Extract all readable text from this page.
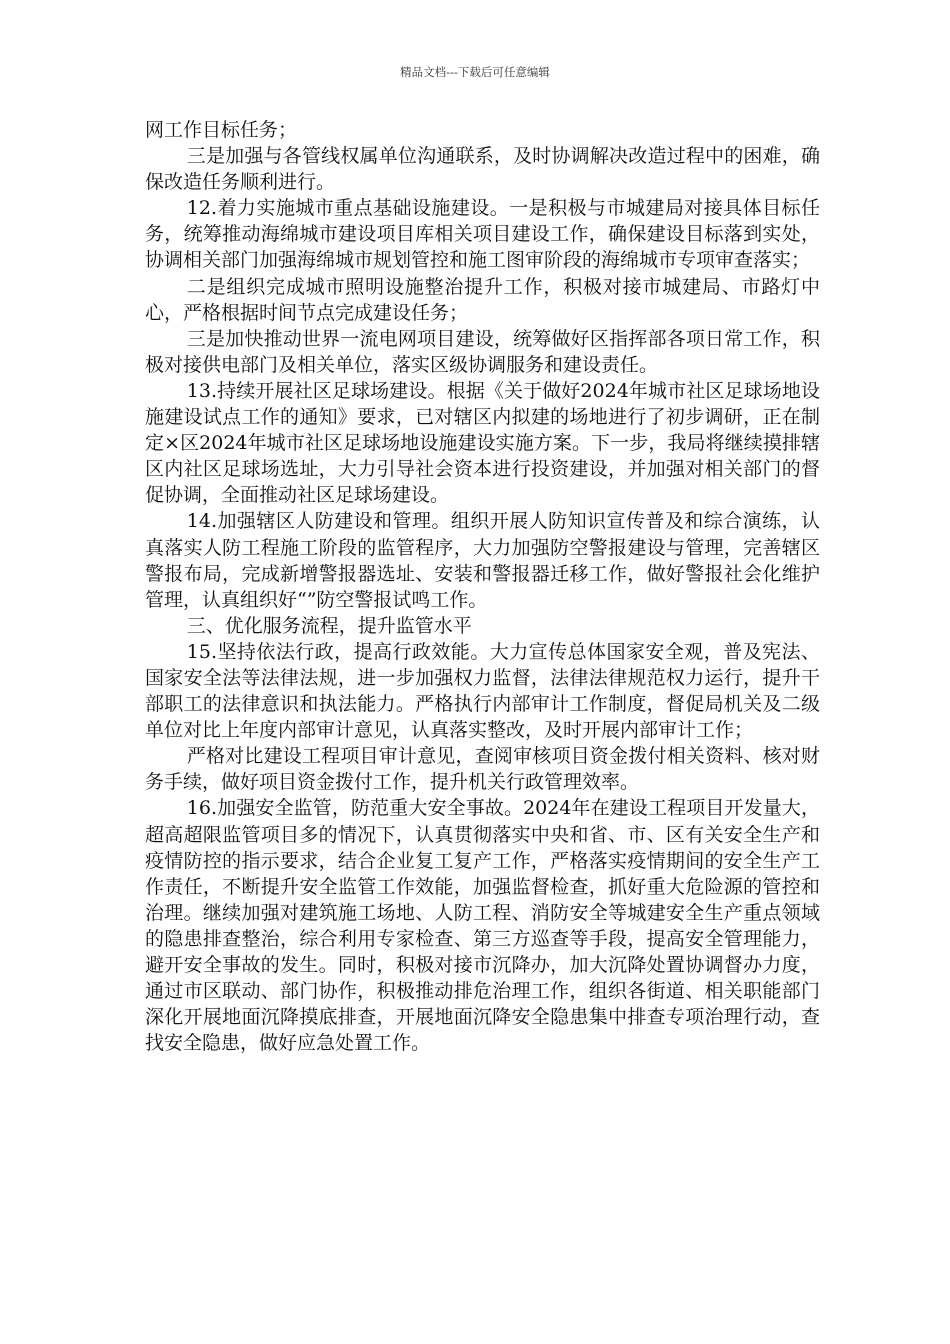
精品文档---下载后可任意编辑

网工作目标任务；

三是加强与各管线权属单位沟通联系，及时协调解决改造过程中的困难，确保改造任务顺利进行。

12.着力实施城市重点基础设施建设。一是积极与市城建局对接具体目标任务，统筹推动海绵城市建设项目库相关项目建设工作，确保建设目标落到实处，协调相关部门加强海绵城市规划管控和施工图审阶段的海绵城市专项审查落实；

二是组织完成城市照明设施整治提升工作，积极对接市城建局、市路灯中心，严格根据时间节点完成建设任务；

三是加快推动世界一流电网项目建设，统筹做好区指挥部各项日常工作，积极对接供电部门及相关单位，落实区级协调服务和建设责任。

13.持续开展社区足球场建设。根据《关于做好2024年城市社区足球场地设施建设试点工作的通知》要求，已对辖区内拟建的场地进行了初步调研，正在制定×区2024年城市社区足球场地设施建设实施方案。下一步，我局将继续摸排辖区内社区足球场选址，大力引导社会资本进行投资建设，并加强对相关部门的督促协调，全面推动社区足球场建设。

14.加强辖区人防建设和管理。组织开展人防知识宣传普及和综合演练，认真落实人防工程施工阶段的监管程序，大力加强防空警报建设与管理，完善辖区警报布局，完成新增警报器选址、安装和警报器迁移工作，做好警报社会化维护管理，认真组织好“”防空警报试鸣工作。

三、优化服务流程，提升监管水平

15.坚持依法行政，提高行政效能。大力宣传总体国家安全观，普及宪法、国家安全法等法律法规，进一步加强权力监督，法律法律规范权力运行，提升干部职工的法律意识和执法能力。严格执行内部审计工作制度，督促局机关及二级单位对比上年度内部审计意见，认真落实整改，及时开展内部审计工作；

严格对比建设工程项目审计意见，查阅审核项目资金拨付相关资料、核对财务手续，做好项目资金拨付工作，提升机关行政管理效率。

16.加强安全监管，防范重大安全事故。2024年在建设工程项目开发量大，超高超限监管项目多的情况下，认真贯彻落实中央和省、市、区有关安全生产和疫情防控的指示要求，结合企业复工复产工作，严格落实疫情期间的安全生产工作责任，不断提升安全监管工作效能，加强监督检查，抓好重大危险源的管控和治理。继续加强对建筑施工场地、人防工程、消防安全等城建安全生产重点领域的隐患排查整治，综合利用专家检查、第三方巡查等手段，提高安全管理能力，避开安全事故的发生。同时，积极对接市沉降办，加大沉降处置协调督办力度，通过市区联动、部门协作，积极推动排危治理工作，组织各街道、相关职能部门深化开展地面沉降摸底排查，开展地面沉降安全隐患集中排查专项治理行动，查找安全隐患，做好应急处置工作。
